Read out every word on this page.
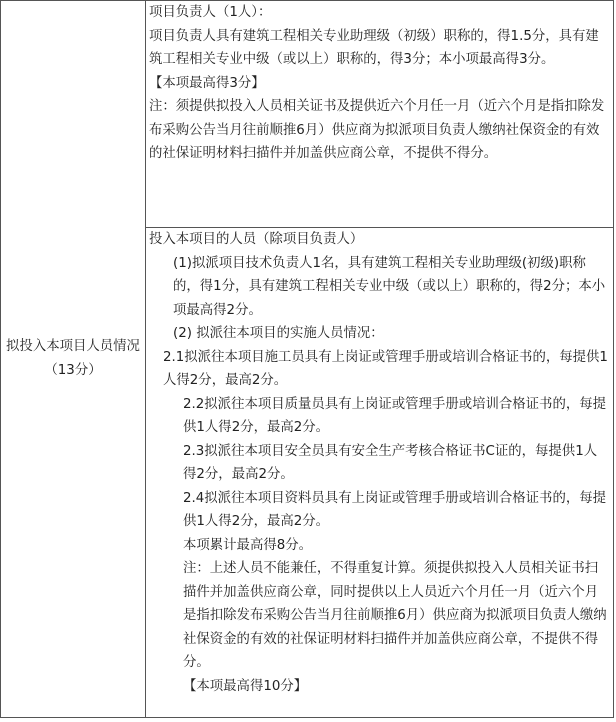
拟投入本项目人员情况（13分）

项目负责人（1人）：

项目负责人具有建筑工程相关专业助理级（初级）职称的，得1.5分，具有建筑工程相关专业中级（或以上）职称的，得3分；本小项最高得3分。

【本项最高得3分】

注：须提供拟投入人员相关证书及提供近六个月任一月（近六个月是指扣除发布采购公告当月往前顺推6月）供应商为拟派项目负责人缴纳社保资金的有效的社保证明材料扫描件并加盖供应商公章，不提供不得分。

投入本项目的人员（除项目负责人）

(1)拟派项目技术负责人1名，具有建筑工程相关专业助理级(初级)职称的，得1分，具有建筑工程相关专业中级（或以上）职称的，得2分；本小项最高得2分。

(2) 拟派往本项目的实施人员情况：

2.1拟派往本项目施工员具有上岗证或管理手册或培训合格证书的，每提供1人得2分，最高2分。

2.2拟派往本项目质量员具有上岗证或管理手册或培训合格证书的，每提供1人得2分，最高2分。

2.3拟派往本项目安全员具有安全生产考核合格证书C证的，每提供1人得2分，最高2分。

2.4拟派往本项目资料员具有上岗证或管理手册或培训合格证书的，每提供1人得2分，最高2分。

本项累计最高得8分。

注：上述人员不能兼任，不得重复计算。须提供拟投入人员相关证书扫描件并加盖供应商公章，同时提供以上人员近六个月任一月（近六个月是指扣除发布采购公告当月往前顺推6月）供应商为拟派项目负责人缴纳社保资金的有效的社保证明材料扫描件并加盖供应商公章，不提供不得分。

【本项最高得10分】
